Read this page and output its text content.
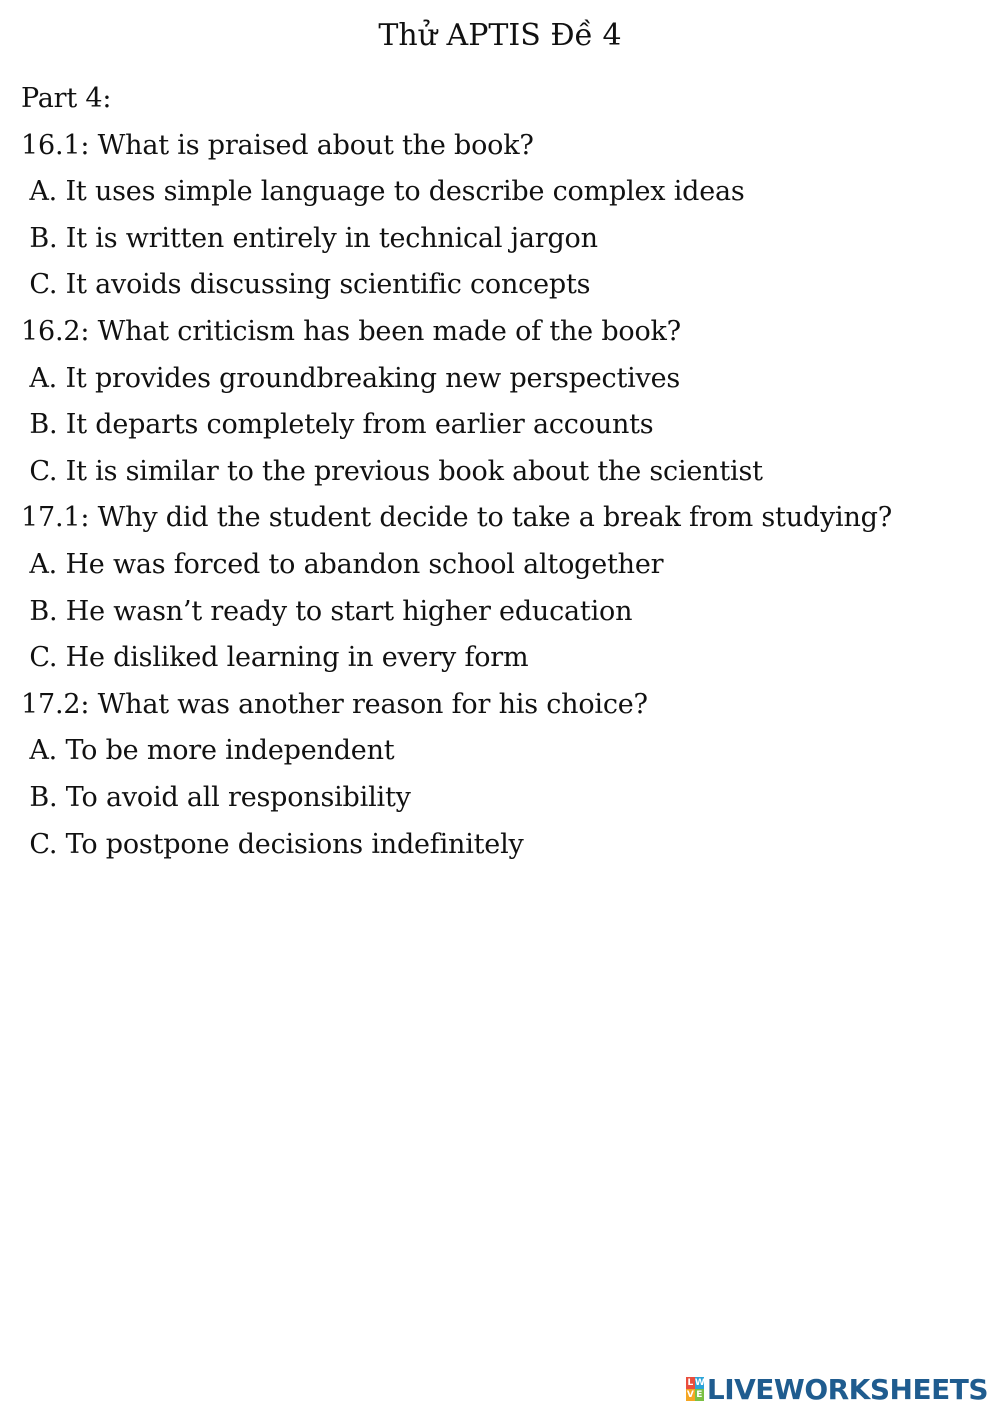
Thử APTIS Đề 4
Part 4:
16.1: What is praised about the book?
A. It uses simple language to describe complex ideas
B. It is written entirely in technical jargon
C. It avoids discussing scientific concepts
16.2: What criticism has been made of the book?
A. It provides groundbreaking new perspectives
B. It departs completely from earlier accounts
C. It is similar to the previous book about the scientist
17.1: Why did the student decide to take a break from studying?
A. He was forced to abandon school altogether
B. He wasn’t ready to start higher education
C. He disliked learning in every form
17.2: What was another reason for his choice?
A. To be more independent
B. To avoid all responsibility
C. To postpone decisions indefinitely
L W
V E LIVEWORKSHEETS
